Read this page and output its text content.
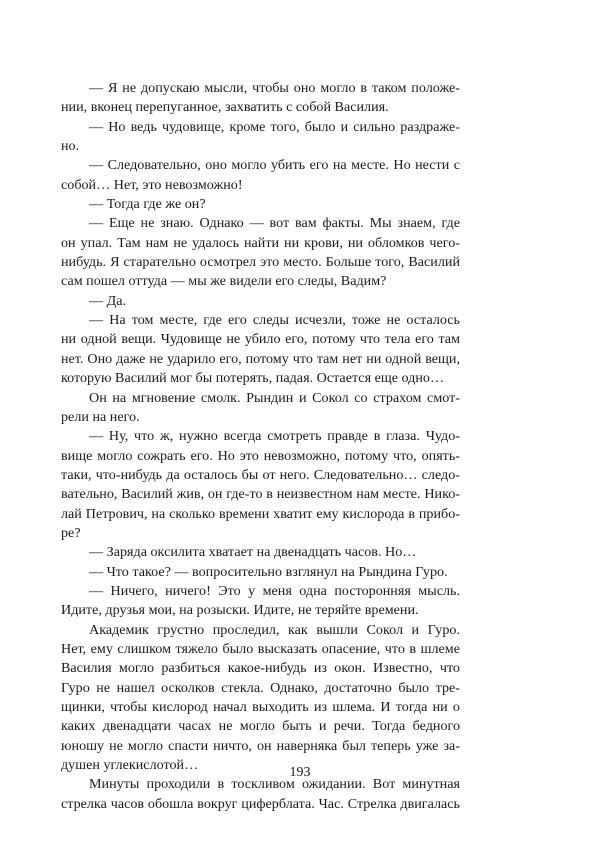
— Я не допускаю мысли, чтобы оно могло в таком положе-
нии, вконец перепуганное, захватить с собой Василия.
— Но ведь чудовище, кроме того, было и сильно раздраже-
но.
— Следовательно, оно могло убить его на месте. Но нести с
собой… Нет, это невозможно!
— Тогда где же он?
— Еще не знаю. Однако — вот вам факты. Мы знаем, где
он упал. Там нам не удалось найти ни крови, ни обломков чего-
нибудь. Я старательно осмотрел это место. Больше того, Василий
сам пошел оттуда — мы же видели его следы, Вадим?
— Да.
— На том месте, где его следы исчезли, тоже не осталось
ни одной вещи. Чудовище не убило его, потому что тела его там
нет. Оно даже не ударило его, потому что там нет ни одной вещи,
которую Василий мог бы потерять, падая. Остается еще одно…
Он на мгновение смолк. Рындин и Сокол со страхом смот-
рели на него.
— Ну, что ж, нужно всегда смотреть правде в глаза. Чудо-
вище могло сожрать его. Но это невозможно, потому что, опять-
таки, что-нибудь да осталось бы от него. Следовательно… следо-
вательно, Василий жив, он где-то в неизвестном нам месте. Нико-
лай Петрович, на сколько времени хватит ему кислорода в прибо-
ре?
— Заряда оксилита хватает на двенадцать часов. Но…
— Что такое? — вопросительно взглянул на Рындина Гуро.
— Ничего, ничего! Это у меня одна посторонняя мысль.
Идите, друзья мои, на розыски. Идите, не теряйте времени.
Академик грустно проследил, как вышли Сокол и Гуро.
Нет, ему слишком тяжело было высказать опасение, что в шлеме
Василия могло разбиться какое-нибудь из окон. Известно, что
Гуро не нашел осколков стекла. Однако, достаточно было тре-
щинки, чтобы кислород начал выходить из шлема. И тогда ни о
каких двенадцати часах не могло быть и речи. Тогда бедного
юношу не могло спасти ничто, он наверняка был теперь уже за-
душен углекислотой…
Минуты проходили в тоскливом ожидании. Вот минутная
стрелка часов обошла вокруг циферблата. Час. Стрелка двигалась
193
